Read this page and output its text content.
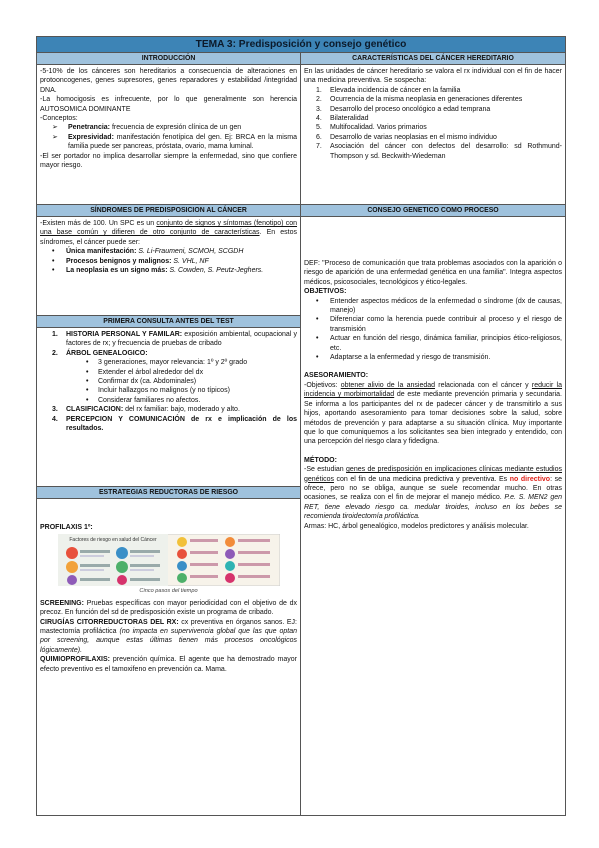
TEMA 3: Predisposición y consejo genético
INTRODUCCIÓN

-5-10% de los cánceres son hereditarios a consecuencia de alteraciones en protooncogenes, genes supresores, genes reparadores y estabilidad /integridad DNA.

-La homocigosis es infrecuente, por lo que generalmente son herencia AUTOSOMICA DOMINANTE

-Conceptos:

➢ Penetrancia: frecuencia de expresión clínica de un gen
➢ Expresividad: manifestación fenotípica del gen. Ej: BRCA en la misma familia puede ser pancreas, próstata, ovario, mama luminal.

-El ser portador no implica desarrollar siempre la enfermedad, sino que confiere mayor riesgo.

SÍNDROMES DE PREDISPOSICION AL CÁNCER

-Existen más de 100. Un SPC es un conjunto de signos y síntomas (fenotipo) con una base común y difieren de otro conjunto de características. En estos síndromes, el cáncer puede ser:

• Única manifestación: S. Li-Fraumeni, SCMOH, SCGDH
• Procesos benignos y malignos: S. VHL, NF
• La neoplasia es un signo más: S. Cowden, S. Peutz-Jeghers.
PRIMERA CONSULTA ANTES DEL TEST
1. HISTORIA PERSONAL Y FAMILAR: exposición ambiental, ocupacional y factores de rx; y frecuencia de pruebas de cribado
2. ÁRBOL GENEALOGICO:
• 3 generaciones, mayor relevancia: 1º y 2º grado
• Extender el árbol alrededor del dx
• Confirmar dx (ca. Abdominales)
• Incluir hallazgos no malignos (y no típicos)
• Considerar familiares no afectos.
3. CLASIFICACION: del rx familiar: bajo, moderado y alto.
4. PERCEPCION Y COMUNICACIÓN de rx e implicación de los resultados.
ESTRATEGIAS REDUCTORAS DE RIESGO

PROFILAXIS 1º:

Factores de riesgo en salud del Cáncer
Cinco pasos del tiempo

SCREENING: Pruebas específicas con mayor periodicidad con el objetivo de dx precoz. En función del sd de predisposición existe un programa de cribado.

CIRUGÍAS CITORREDUCTORAS DEL RX: cx preventiva en órganos sanos. EJ: mastectomía profiláctica (no impacta en supervivencia global que las que optan por screening, aunque estas últimas tienen más procesos oncológicos lógicamente).

QUIMIOPROFILAXIS: prevención química. El agente que ha demostrado mayor efecto preventivo es el tamoxifeno en prevención ca. Mama.

CARACTERÍSTICAS DEL CÁNCER HEREDITARIO

En las unidades de cáncer hereditario se valora el rx individual con el fin de hacer una medicina preventiva. Se sospecha:

1. Elevada incidencia de cáncer en la familia
2. Ocurrencia de la misma neoplasia en generaciones diferentes
3. Desarrollo del proceso oncológico a edad temprana
4. Bilateralidad
5. Multifocalidad. Varios primarios
6. Desarrollo de varias neoplasias en el mismo individuo
7. Asociación del cáncer con defectos del desarrollo: sd Rothmund-Thompson y sd. Beckwith-Wiedeman
CONSEJO GENETICO COMO PROCESO

DEF: "Proceso de comunicación que trata problemas asociados con la aparición o riesgo de aparición de una enfermedad genética en una familia". Integra aspectos médicos, psicosociales, tecnológicos y ético-legales.

OBJETIVOS:

• Entender aspectos médicos de la enfermedad o síndrome (dx de causas, manejo)
• Diferenciar como la herencia puede contribuir al proceso y el riesgo de transmisión
• Actuar en función del riesgo, dinámica familiar, principios ético-religiosos, etc.
• Adaptarse a la enfermedad y riesgo de transmisión.

ASESORAMIENTO:

-Objetivos: obtener alivio de la ansiedad relacionada con el cáncer y reducir la incidencia y morbimortalidad de este mediante prevención primaria y secundaria. Se informa a los participantes del rx de padecer cáncer y de transmitirlo a sus hijos, aportando asesoramiento para tomar decisiones sobre la salud, sobre métodos de prevención y para adaptarse a su situación clínica. Muy importante que lo que comuniquemos a los solicitantes sea bien integrado y entendido, con una percepción del riesgo clara y fidedigna.

MÉTODO:

-Se estudian genes de predisposición en implicaciones clínicas mediante estudios genéticos con el fin de una medicina predictiva y preventiva. Es no directivo: se ofrece, pero no se obliga, aunque se suele recomendar mucho. En otras ocasiones, se realiza con el fin de mejorar el manejo médico. P.e. S. MEN2 gen RET, tiene elevado riesgo ca. medular tiroides, incluso en los bebes se recomienda tiroidectomía profiláctica.

Armas: HC, árbol genealógico, modelos predictores y análisis molecular.
